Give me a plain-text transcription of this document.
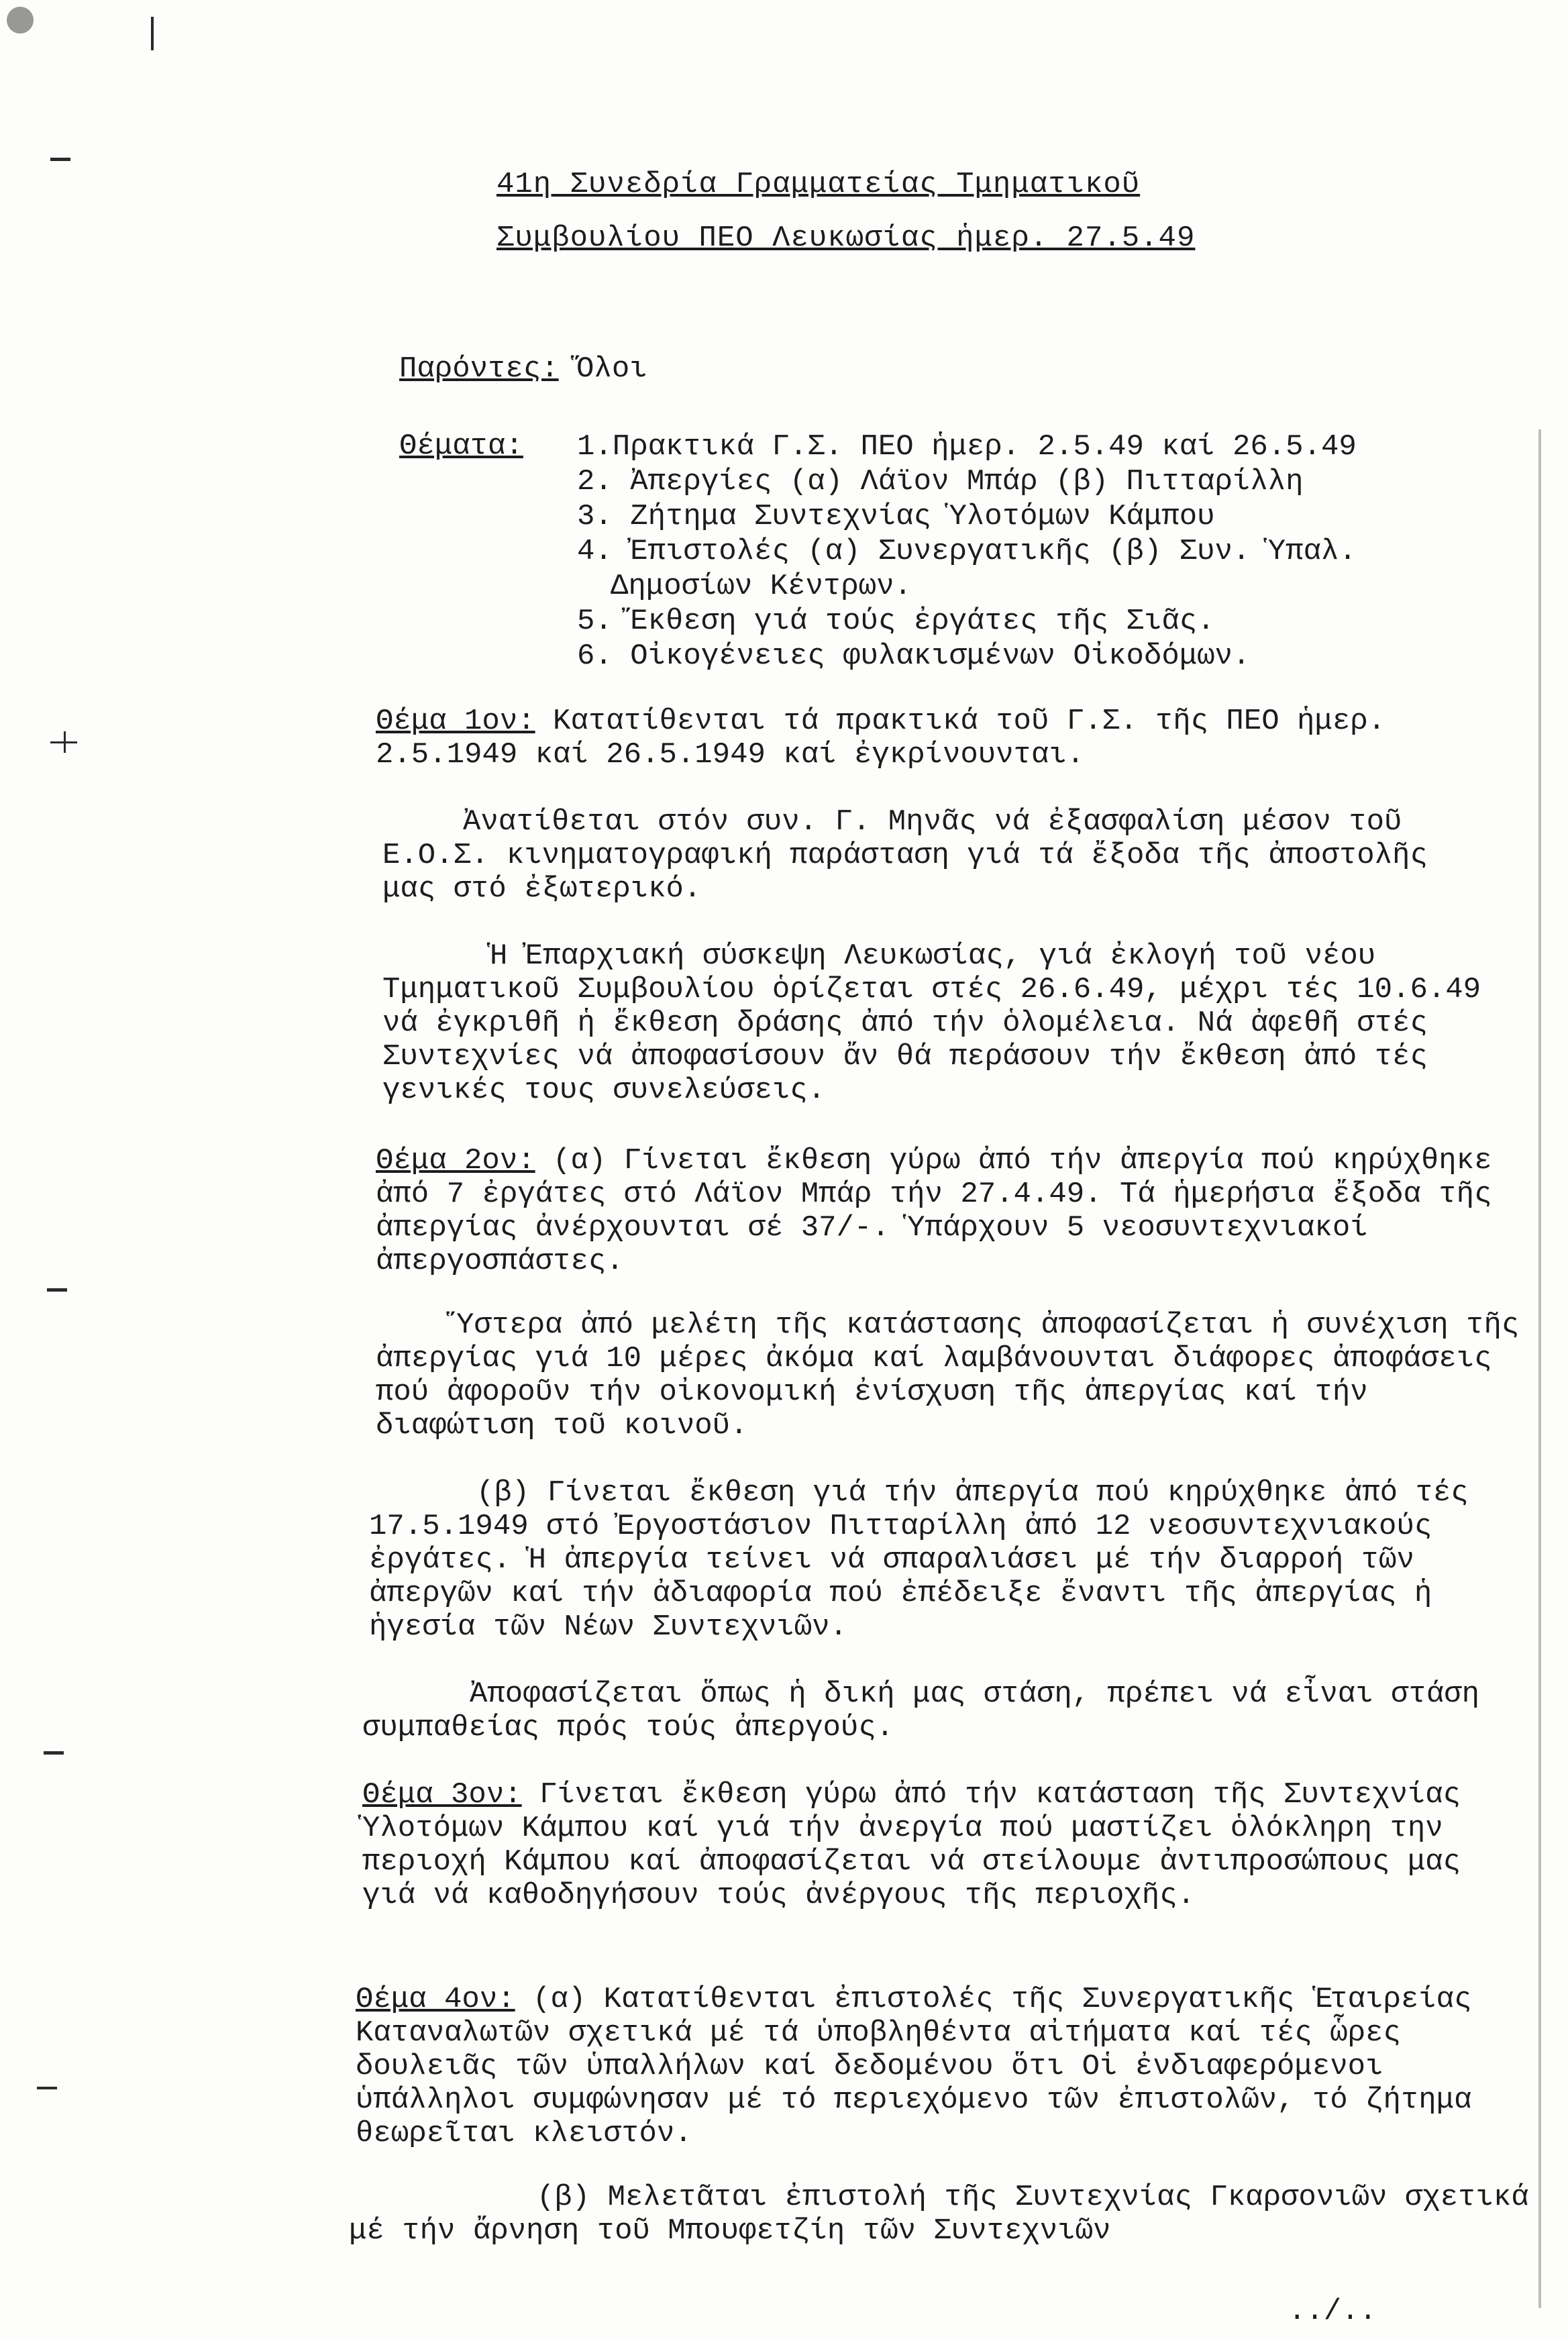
41η Συνεδρία Γραμματείας Τμηματικοῦ
Συμβουλίου ΠΕΟ Λευκωσίας ἡμερ. 27.5.49
Παρόντες: Ὅλοι
Θέματα: 1.Πρακτικά Γ.Σ. ΠΕΟ ἡμερ. 2.5.49 καί 26.5.49
2. Ἀπεργίες (α) Λάϊον Μπάρ (β) Πιτταρίλλη
3. Ζήτημα Συντεχνίας Ὑλοτόμων Κάμπου
4. Ἐπιστολές (α) Συνεργατικῆς (β) Συν. Ὑπαλ.
Δημοσίων Κέντρων.
5. Ἔκθεση γιά τούς ἐργάτες τῆς Σιᾶς.
6. Οἰκογένειες φυλακισμένων Οἰκοδόμων.

Θέμα 1ον: Κατατίθενται τά πρακτικά τοῦ Γ.Σ. τῆς ΠΕΟ ἡμερ. 2.5.1949 καί 26.5.1949 καί ἐγκρίνουνται.

Ἀνατίθεται στόν συν. Γ. Μηνᾶς νά ἐξασφαλίση μέσον τοῦ Ε.Ο.Σ. κινηματογραφική παράσταση γιά τά ἔξοδα τῆς ἀποστολῆς μας στό ἐξωτερικό.

Ἡ Ἐπαρχιακή σύσκεψη Λευκωσίας, γιά ἐκλογή τοῦ νέου Τμηματικοῦ Συμβουλίου ὁρίζεται στές 26.6.49, μέχρι τές 10.6.49 νά ἐγκριθῆ ἡ ἔκθεση δράσης ἀπό τήν ὁλομέλεια. Νά ἀφεθῆ στές Συντεχνίες νά ἀποφασίσουν ἄν θά περάσουν τήν ἔκθεση ἀπό τές γενικές τους συνελεύσεις.

Θέμα 2ον: (α) Γίνεται ἔκθεση γύρω ἀπό τήν ἀπεργία πού κηρύχθηκε ἀπό 7 ἐργάτες στό Λάϊον Μπάρ τήν 27.4.49. Τά ἡμερήσια ἔξοδα τῆς ἀπεργίας ἀνέρχουνται σέ 37/-. Ὑπάρχουν 5 νεοσυντεχνιακοί ἀπεργοσπάστες.

Ὕστερα ἀπό μελέτη τῆς κατάστασης ἀποφασίζεται ἡ συνέχιση τῆς ἀπεργίας γιά 10 μέρες ἀκόμα καί λαμβάνουνται διάφορες ἀποφάσεις πού ἀφοροῦν τήν οἰκονομική ἐνίσχυση τῆς ἀπεργίας καί τήν διαφώτιση τοῦ κοινοῦ.

(β) Γίνεται ἔκθεση γιά τήν ἀπεργία πού κηρύχθηκε ἀπό τές 17.5.1949 στό Ἐργοστάσιον Πιτταρίλλη ἀπό 12 νεοσυντεχνιακούς ἐργάτες. Ἡ ἀπεργία τείνει νά σπαραλιάσει μέ τήν διαρροή τῶν ἀπεργῶν καί τήν ἀδιαφορία πού ἐπέδειξε ἔναντι τῆς ἀπεργίας ἡ ἡγεσία τῶν Νέων Συντεχνιῶν.

Ἀποφασίζεται ὅπως ἡ δική μας στάση, πρέπει νά εἶναι στάση συμπαθείας πρός τούς ἀπεργούς.

Θέμα 3ον: Γίνεται ἔκθεση γύρω ἀπό τήν κατάσταση τῆς Συντεχνίας Ὑλοτόμων Κάμπου καί γιά τήν ἀνεργία πού μαστίζει ὁλόκληρη την περιοχή Κάμπου καί ἀποφασίζεται νά στείλουμε ἀντιπροσώπους μας γιά νά καθοδηγήσουν τούς ἀνέργους τῆς περιοχῆς.

Θέμα 4ον: (α) Κατατίθενται ἐπιστολές τῆς Συνεργατικῆς Ἑταιρείας Καταναλωτῶν σχετικά μέ τά ὑποβληθέντα αἰτήματα καί τές ὧρες δουλειᾶς τῶν ὑπαλλήλων καί δεδομένου ὅτι Οἱ ἐνδιαφερόμενοι ὑπάλληλοι συμφώνησαν μέ τό περιεχόμενο τῶν ἐπιστολῶν, τό ζήτημα θεωρεῖται κλειστόν.

(β) Μελετᾶται ἐπιστολή τῆς Συντεχνίας Γκαρσονιῶν σχετικά μέ τήν ἄρνηση τοῦ Μπουφετζίη τῶν Συντεχνιῶν

../..
